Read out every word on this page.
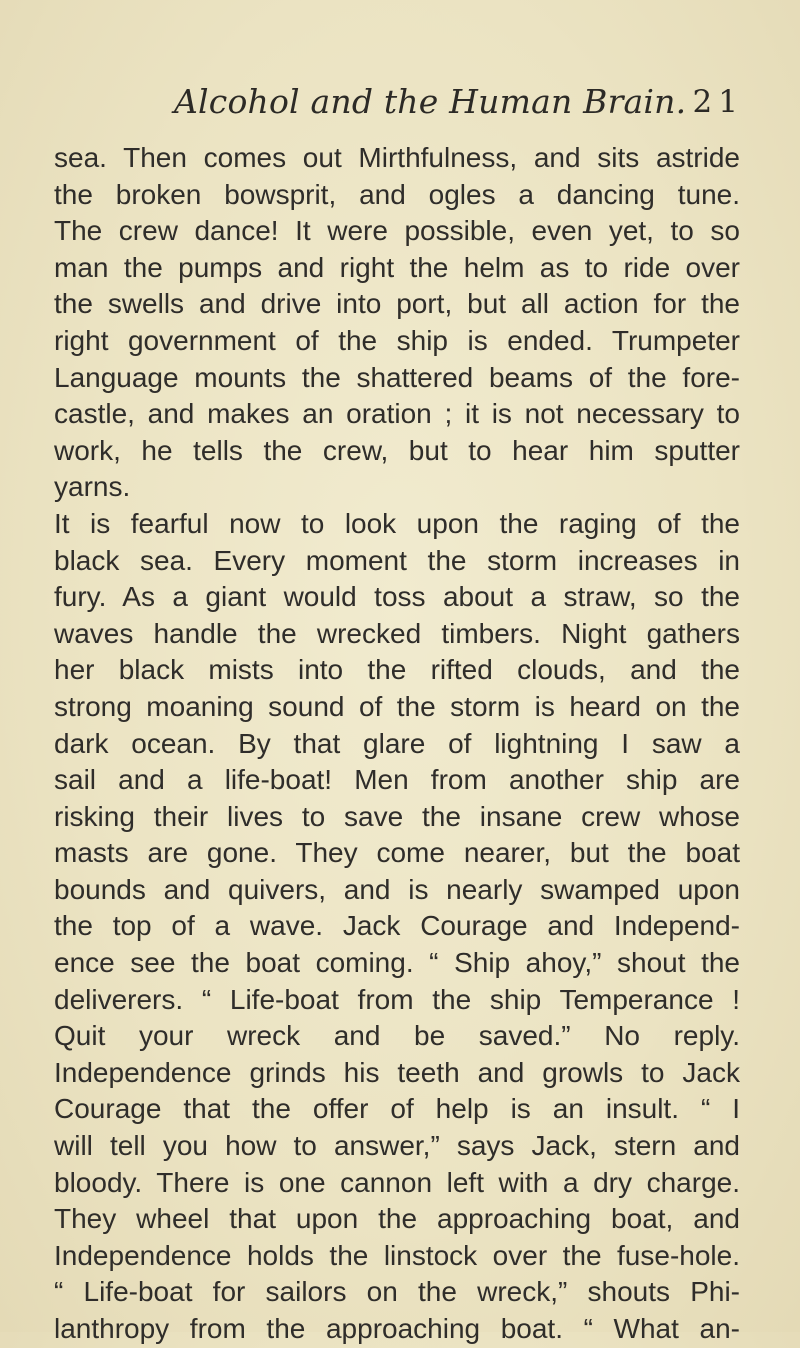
Alcohol and the Human Brain. 21
sea. Then comes out Mirthfulness, and sits astride
the broken bowsprit, and ogles a dancing tune.
The crew dance! It were possible, even yet, to so
man the pumps and right the helm as to ride over
the swells and drive into port, but all action for the
right government of the ship is ended. Trumpeter
Language mounts the shattered beams of the fore-
castle, and makes an oration ; it is not necessary to
work, he tells the crew, but to hear him sputter
yarns.
It is fearful now to look upon the raging of the
black sea. Every moment the storm increases in
fury. As a giant would toss about a straw, so the
waves handle the wrecked timbers. Night gathers
her black mists into the rifted clouds, and the
strong moaning sound of the storm is heard on the
dark ocean. By that glare of lightning I saw a
sail and a life-boat! Men from another ship are
risking their lives to save the insane crew whose
masts are gone. They come nearer, but the boat
bounds and quivers, and is nearly swamped upon
the top of a wave. Jack Courage and Independ-
ence see the boat coming. “ Ship ahoy,” shout the
deliverers. “ Life-boat from the ship Temperance !
Quit your wreck and be saved.” No reply.
Independence grinds his teeth and growls to Jack
Courage that the offer of help is an insult. “ I
will tell you how to answer,” says Jack, stern and
bloody. There is one cannon left with a dry charge.
They wheel that upon the approaching boat, and
Independence holds the linstock over the fuse-hole.
“ Life-boat for sailors on the wreck,” shouts Phi-
lanthropy from the approaching boat. “ What an-
